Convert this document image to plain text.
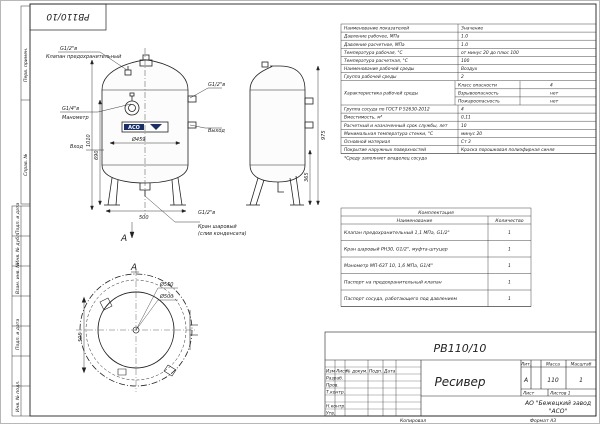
Перв. примен.
Справ. №
Подп. и дата
Инв. № дубл.
Взам. инв. №
Подп. и дата
Инв. № подл.
РВ110/10
ACO
G1/2"в
Клапан предохранительный
G1/4"в
Манометр
Вход
G1/2"в
Выход
G1/2"в
Кран шаровый
(слив конденсата)
Ø459
500
1010
690
А
975
365
А
Ø550
Ø500
505
Наименование показателей	Значение
Давление рабочее, МПа	1.0
Давление расчетное, МПа	1.0
Температура рабочая, °С	от минус 20 до плюс 100
Температура расчетная, °С	100
Наименование рабочей среды	Воздух
Группа рабочей среды	2
Характеристика рабочей среды
Класс опасности	4
Взрывоопасность	нет
Пожароопасность	нет
Группа сосуда по ГОСТ Р 52630-2012	4
Вместимость, м³	0,11
Расчетный и назначенный срок службы, лет	10
Минимальная температура стенки, °С	минус 20
Основной материал	Ст 3
Покрытие наружных поверхностей	Краска порошковая полиэфирная синяя
*Среду заполняет владелец сосуда
Комплектация
Наименование	Количество
Клапан предохранительный 1,1 МПа, G1/2"	1
Кран шаровый РН30, G1/2", муфта-штуцер	1
Манометр МП-63Т 10, 1,6 МПа, G1/4"	1
Паспорт на предохранительный клапан	1
Паспорт сосуда, работающего под давлением	1
Изм Лист
№ докум. Подп. Дата
Разраб.
Пров.
Т.контр.
Н.контр.
Утв.
Лит.	Масса Масштаб
Лист	Листов 1
РВ110/10
Ресивер	А	110	1
АО "Бежецкий завод
"АСО"
Копировал	Формат А3
